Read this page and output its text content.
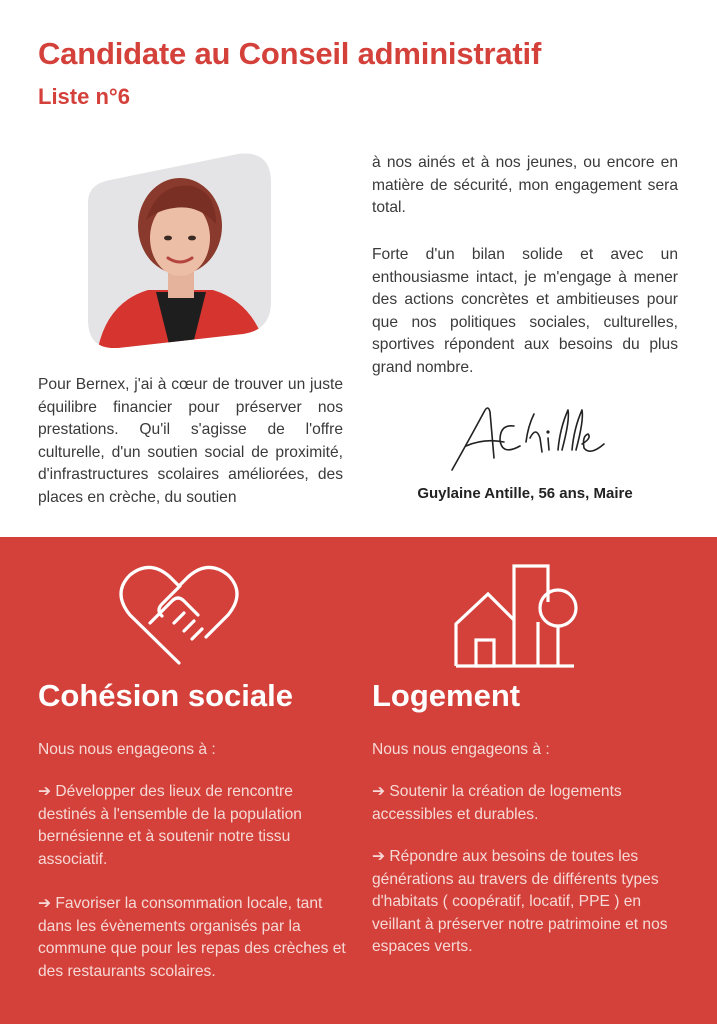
Candidate au Conseil administratif
Liste n°6

Pour Bernex, j'ai à cœur de trouver un juste équilibre financier pour préserver nos prestations. Qu'il s'agisse de l'offre culturelle, d'un soutien social de proximité, d'infrastructures scolaires améliorées, des places en crèche, du soutien

à nos ainés et à nos jeunes, ou encore en matière de sécurité, mon engagement sera total.

Forte d'un bilan solide et avec un enthousiasme intact, je m'engage à mener des actions concrètes et ambitieuses pour que nos politiques sociales, culturelles, sportives répondent aux besoins du plus grand nombre.

Guylaine Antille, 56 ans, Maire

Cohésion sociale

Nous nous engageons à :

➔ Développer des lieux de rencontre destinés à l'ensemble de la population bernésienne et à soutenir notre tissu associatif.

➔ Favoriser la consommation locale, tant dans les évènements organisés par la commune que pour les repas des crèches et des restaurants scolaires.

Logement

Nous nous engageons à :

➔ Soutenir la création de logements accessibles et durables.

➔ Répondre aux besoins de toutes les générations au travers de différents types d'habitats ( coopératif, locatif, PPE ) en veillant à préserver notre patrimoine et nos espaces verts.
